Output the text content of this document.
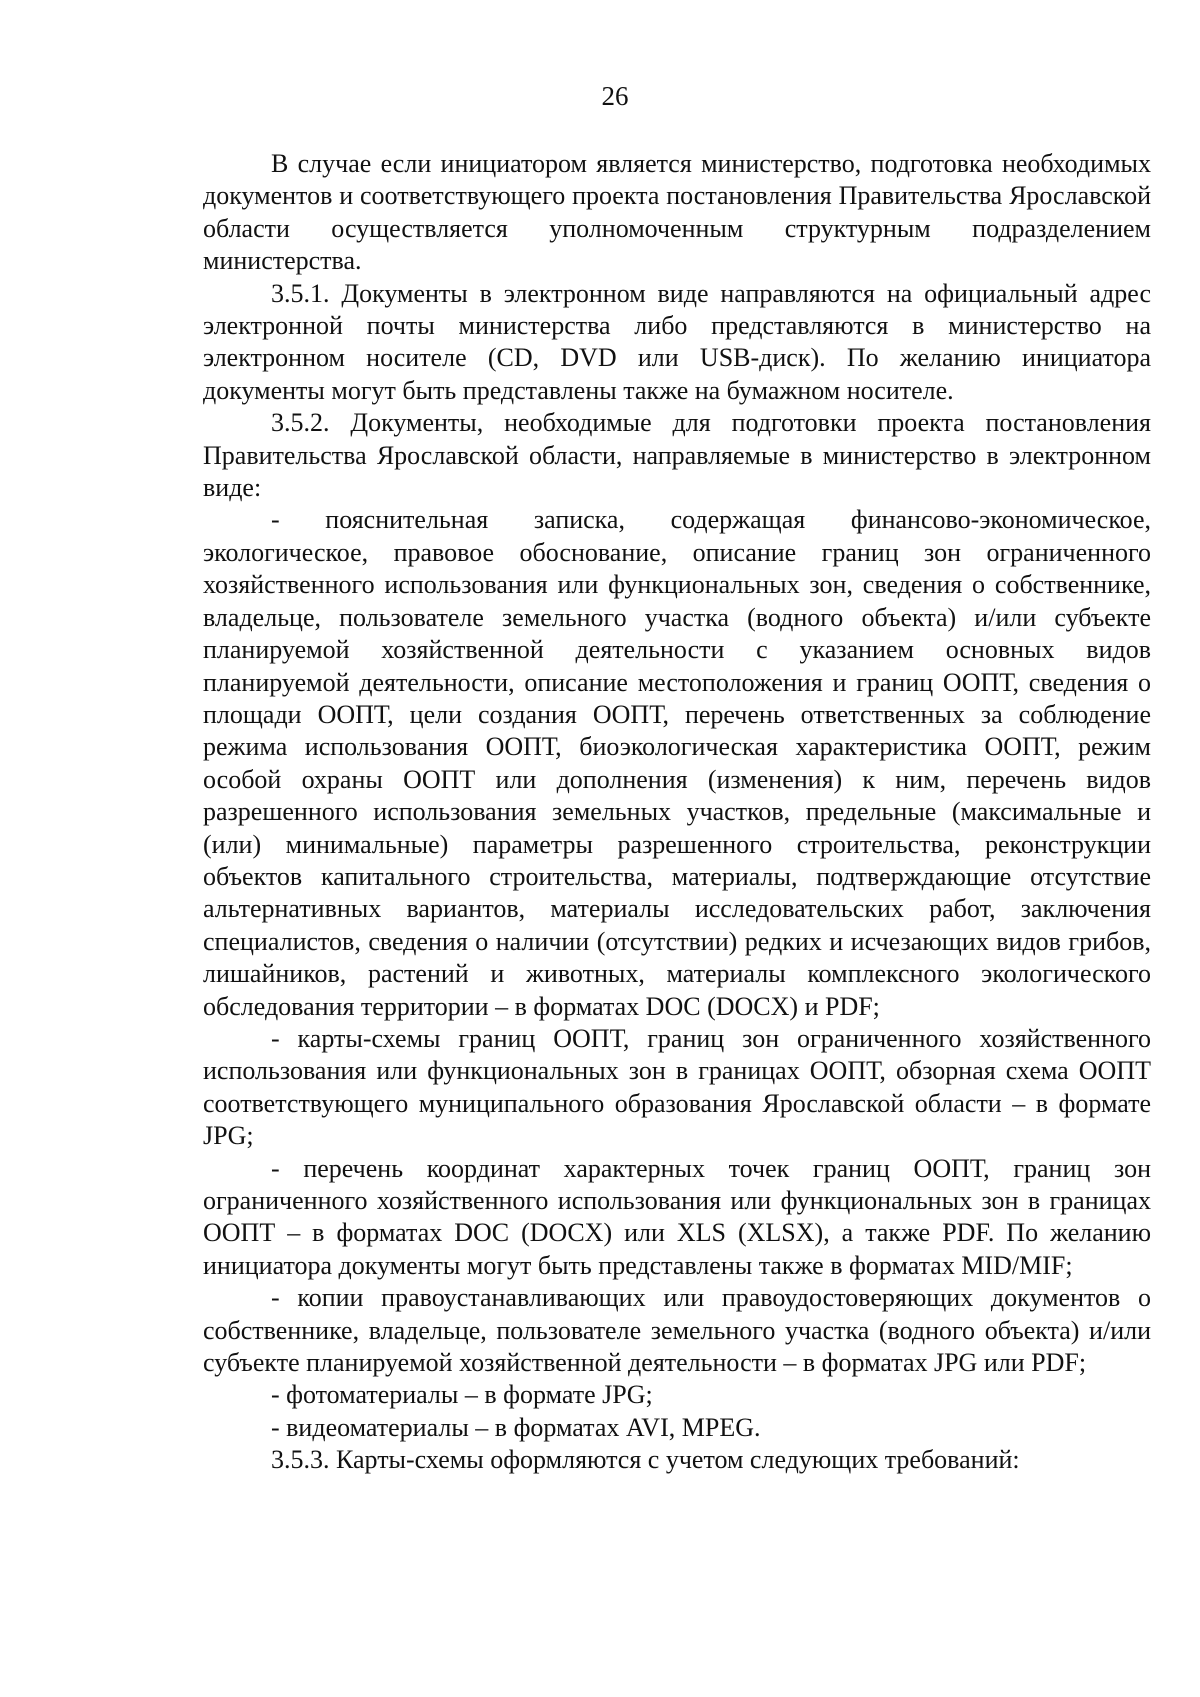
26

В случае если инициатором является министерство, подготовка необходимых документов и соответствующего проекта постановления Правительства Ярославской области осуществляется уполномоченным структурным подразделением министерства.

3.5.1. Документы в электронном виде направляются на официальный адрес электронной почты министерства либо представляются в министерство на электронном носителе (CD, DVD или USB-диск). По желанию инициатора документы могут быть представлены также на бумажном носителе.

3.5.2. Документы, необходимые для подготовки проекта постановления Правительства Ярославской области, направляемые в министерство в электронном виде:

- пояснительная записка, содержащая финансово-экономическое, экологическое, правовое обоснование, описание границ зон ограниченного хозяйственного использования или функциональных зон, сведения о собственнике, владельце, пользователе земельного участка (водного объекта) и/или субъекте планируемой хозяйственной деятельности с указанием основных видов планируемой деятельности, описание местоположения и границ ООПТ, сведения о площади ООПТ, цели создания ООПТ, перечень ответственных за соблюдение режима использования ООПТ, биоэкологическая характеристика ООПТ, режим особой охраны ООПТ или дополнения (изменения) к ним, перечень видов разрешенного использования земельных участков, предельные (максимальные и (или) минимальные) параметры разрешенного строительства, реконструкции объектов капитального строительства, материалы, подтверждающие отсутствие альтернативных вариантов, материалы исследовательских работ, заключения специалистов, сведения о наличии (отсутствии) редких и исчезающих видов грибов, лишайников, растений и животных, материалы комплексного экологического обследования территории – в форматах DOC (DOCX) и PDF;

- карты-схемы границ ООПТ, границ зон ограниченного хозяйственного использования или функциональных зон в границах ООПТ, обзорная схема ООПТ соответствующего муниципального образования Ярославской области – в формате JPG;

- перечень координат характерных точек границ ООПТ, границ зон ограниченного хозяйственного использования или функциональных зон в границах ООПТ – в форматах DOC (DOCX) или XLS (XLSX), а также PDF. По желанию инициатора документы могут быть представлены также в форматах MID/MIF;

- копии правоустанавливающих или правоудостоверяющих документов о собственнике, владельце, пользователе земельного участка (водного объекта) и/или субъекте планируемой хозяйственной деятельности – в форматах JPG или PDF;

- фотоматериалы – в формате JPG;

- видеоматериалы – в форматах AVI, MPEG.

3.5.3. Карты-схемы оформляются с учетом следующих требований:
